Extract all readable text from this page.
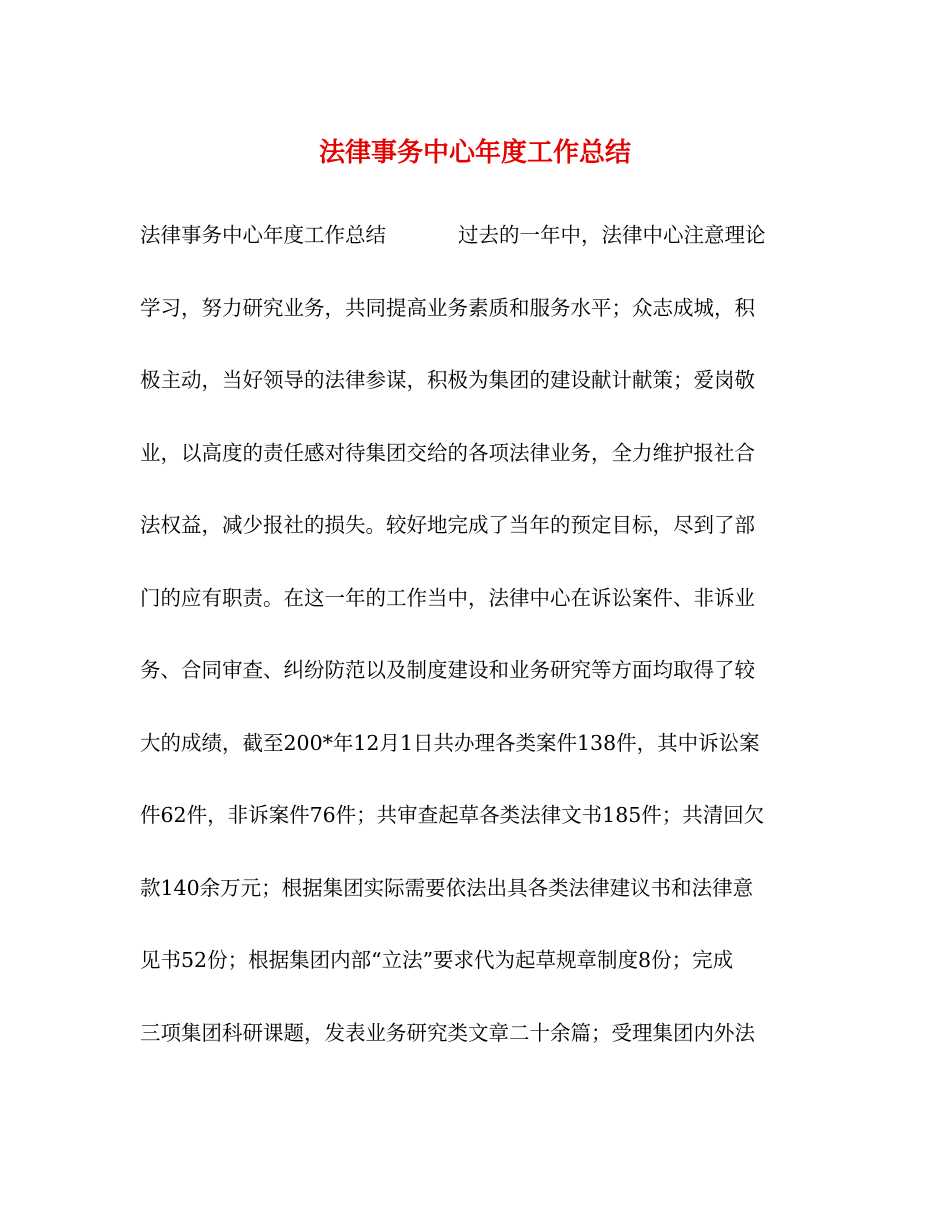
法律事务中心年度工作总结
法律事务中心年度工作总结	过去的一年中，法律中心注意理论
学习，努力研究业务，共同提高业务素质和服务水平；众志成城，积
极主动，当好领导的法律参谋，积极为集团的建设献计献策；爱岗敬
业，以高度的责任感对待集团交给的各项法律业务，全力维护报社合
法权益，减少报社的损失。较好地完成了当年的预定目标，尽到了部
门的应有职责。在这一年的工作当中，法律中心在诉讼案件、非诉业
务、合同审查、纠纷防范以及制度建设和业务研究等方面均取得了较
大的成绩，截至200*年12月1日共办理各类案件138件，其中诉讼案
件62件，非诉案件76件；共审查起草各类法律文书185件；共清回欠
款140余万元；根据集团实际需要依法出具各类法律建议书和法律意
见书52份；根据集团内部“立法”要求代为起草规章制度8份；完成
三项集团科研课题，发表业务研究类文章二十余篇；受理集团内外法
